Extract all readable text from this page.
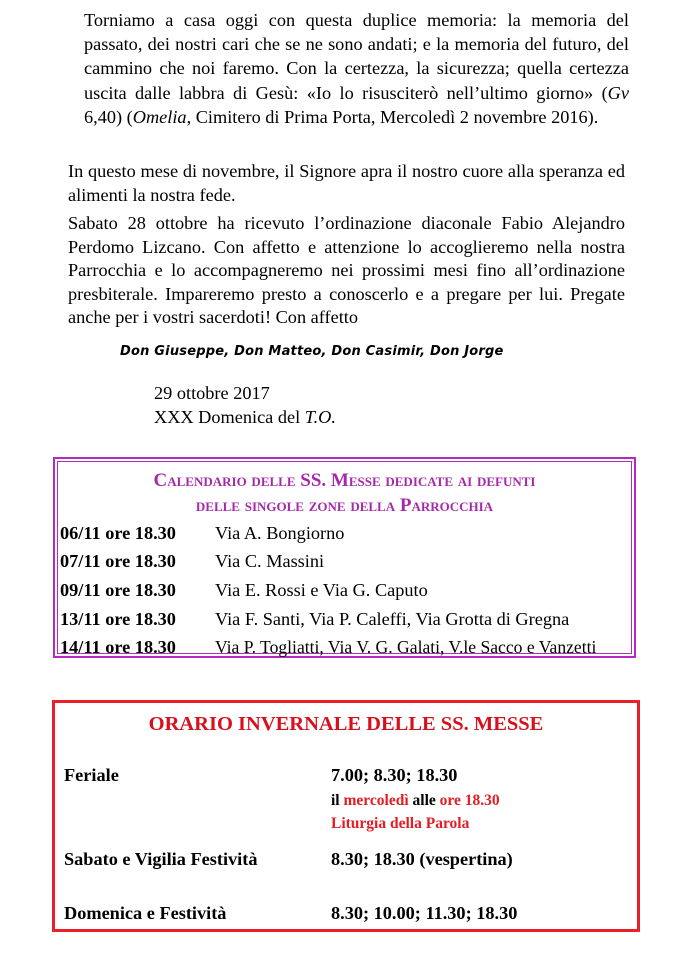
Torniamo a casa oggi con questa duplice memoria: la memoria del passato, dei nostri cari che se ne sono andati; e la memoria del futuro, del cammino che noi faremo. Con la certezza, la sicurezza; quella certezza uscita dalle labbra di Gesù: «Io lo risusciterò nell’ultimo giorno» (Gv 6,40) (Omelia, Cimitero di Prima Porta, Mercoledì 2 novembre 2016).

In questo mese di novembre, il Signore apra il nostro cuore alla speranza ed alimenti la nostra fede.
Sabato 28 ottobre ha ricevuto l’ordinazione diaconale Fabio Alejandro Perdomo Lizcano. Con affetto e attenzione lo accoglieremo nella nostra Parrocchia e lo accompagneremo nei prossimi mesi fino all’ordinazione presbiterale. Impareremo presto a conoscerlo e a pregare per lui. Pregate anche per i vostri sacerdoti! Con affetto
Don Giuseppe, Don Matteo, Don Casimir, Don Jorge
29 ottobre 2017
XXX Domenica del T.O.
Calendario delle SS. Messe dedicate ai defunti
delle singole zone della Parrocchia
06/11 ore 18.30 Via A. Bongiorno
07/11 ore 18.30 Via C. Massini
09/11 ore 18.30 Via E. Rossi e Via G. Caputo
13/11 ore 18.30 Via F. Santi, Via P. Caleffi, Via Grotta di Gregna
14/11 ore 18.30 Via P. Togliatti, Via V. G. Galati, V.le Sacco e Vanzetti
ORARIO INVERNALE DELLE SS. MESSE
Feriale	7.00; 8.30; 18.30
il mercoledì alle ore 18.30
Liturgia della Parola
Sabato e Vigilia Festività	8.30; 18.30 (vespertina)
Domenica e Festività	8.30; 10.00; 11.30; 18.30
